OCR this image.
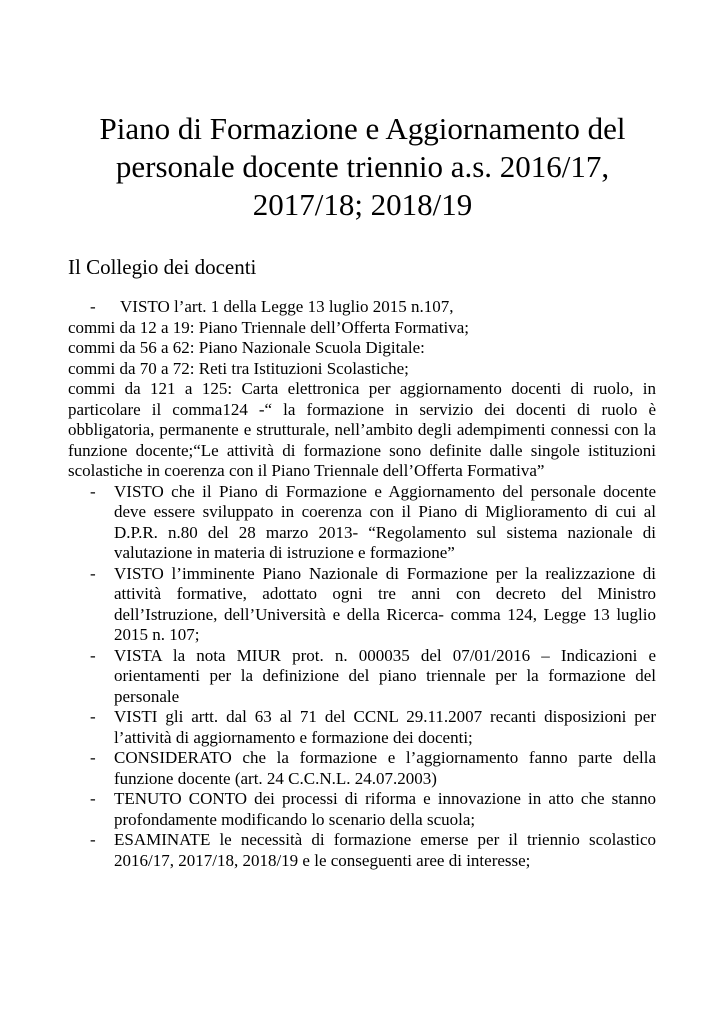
Piano di Formazione e Aggiornamento del
personale docente triennio a.s. 2016/17,
2017/18; 2018/19

Il Collegio dei docenti

- VISTO l’art. 1 della Legge 13 luglio 2015 n.107,
commi da 12 a 19: Piano Triennale dell’Offerta Formativa;
commi da 56 a 62: Piano Nazionale Scuola Digitale:
commi da 70 a 72: Reti tra Istituzioni Scolastiche;
commi da 121 a 125: Carta elettronica per aggiornamento docenti di ruolo, in particolare il comma124 -“ la formazione in servizio dei docenti di ruolo è obbligatoria, permanente e strutturale, nell’ambito degli adempimenti connessi con la funzione docente;“Le attività di formazione sono definite dalle singole istituzioni scolastiche in coerenza con il Piano Triennale dell’Offerta Formativa”
- VISTO che il Piano di Formazione e Aggiornamento del personale docente deve essere sviluppato in coerenza con il Piano di Miglioramento di cui al D.P.R. n.80 del 28 marzo 2013- “Regolamento sul sistema nazionale di valutazione in materia di istruzione e formazione”
- VISTO l’imminente Piano Nazionale di Formazione per la realizzazione di attività formative, adottato ogni tre anni con decreto del Ministro dell’Istruzione, dell’Università e della Ricerca- comma 124, Legge 13 luglio 2015 n. 107;
- VISTA la nota MIUR prot. n. 000035 del 07/01/2016 – Indicazioni e orientamenti per la definizione del piano triennale per la formazione del personale
- VISTI gli artt. dal 63 al 71 del CCNL 29.11.2007 recanti disposizioni per l’attività di aggiornamento e formazione dei docenti;
- CONSIDERATO che la formazione e l’aggiornamento fanno parte della funzione docente (art. 24 C.C.N.L. 24.07.2003)
- TENUTO CONTO dei processi di riforma e innovazione in atto che stanno profondamente modificando lo scenario della scuola;
- ESAMINATE le necessità di formazione emerse per il triennio scolastico 2016/17, 2017/18, 2018/19 e le conseguenti aree di interesse;
